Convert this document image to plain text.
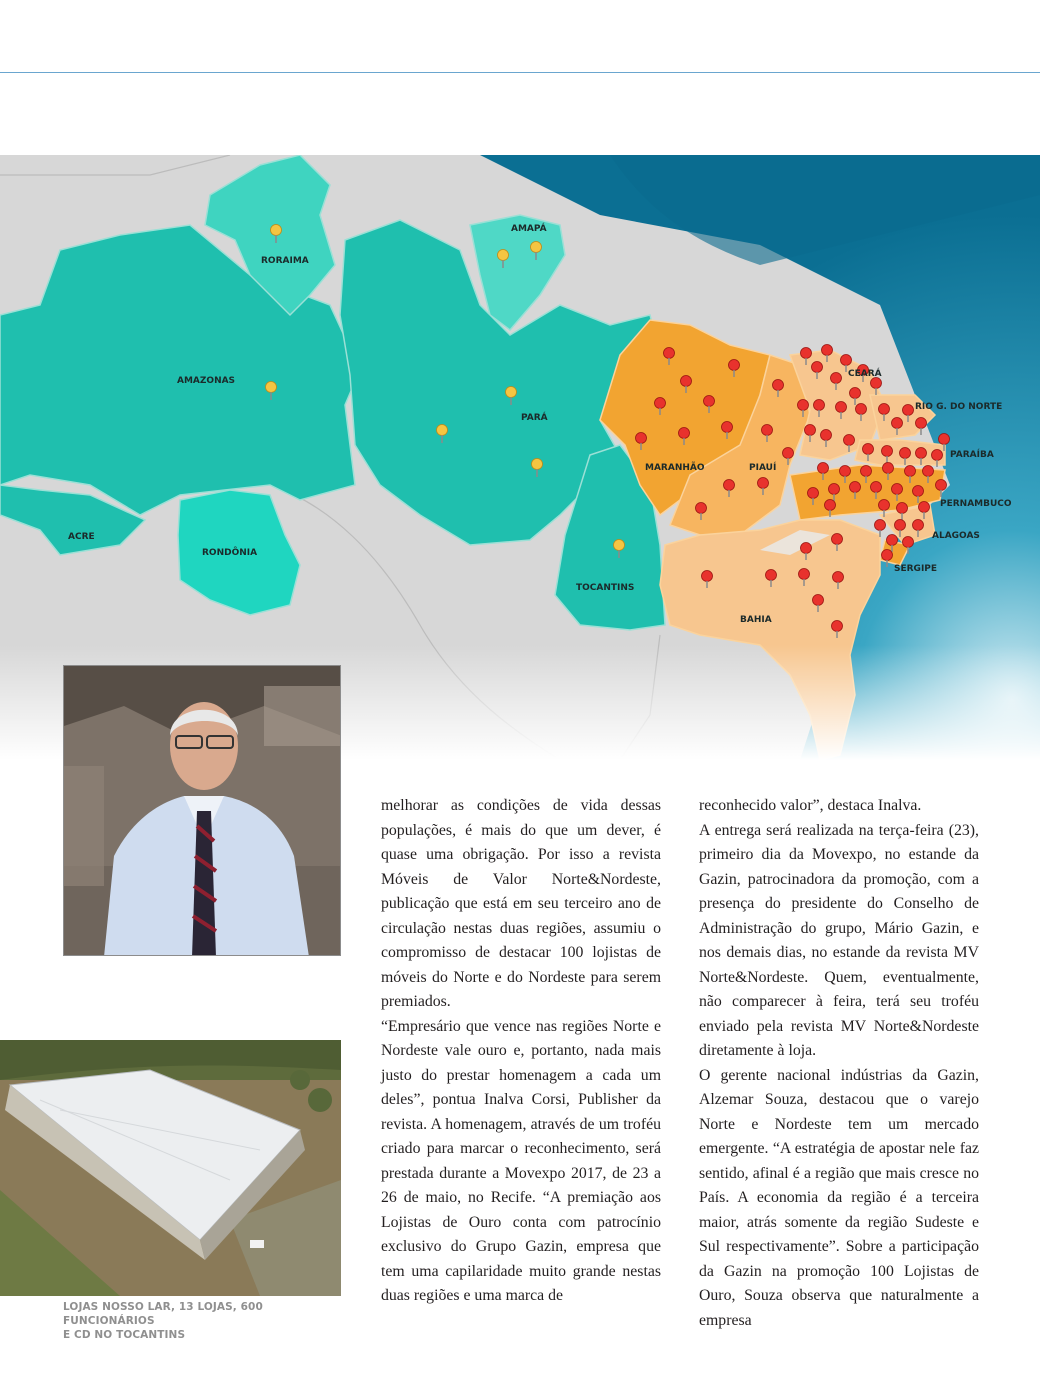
RORAIMA
AMAPÁ
AMAZONAS
PARÁ
ACRE
RONDÔNIA
TOCANTINS
MARANHÃO	PIAUÍ
CEARÁ
RIO G. DO NORTE
PARAÍBA
PERNAMBUCO
ALAGOAS
SERGIPE
BAHIA
LOJAS NOSSO LAR, 13 LOJAS, 600 FUNCIONÁRIOS
E CD NO TOCANTINS

melhorar as condições de vida dessas populações, é mais do que um dever, é quase uma obrigação. Por isso a revista Móveis de Valor Norte&Nordeste, publicação que está em seu terceiro ano de circulação nestas duas regiões, assumiu o compromisso de destacar 100 lojistas de móveis do Norte e do Nordeste para serem premiados.

“Empresário que vence nas regiões Norte e Nordeste vale ouro e, portanto, nada mais justo do prestar homenagem a cada um deles”, pontua Inalva Corsi, Publisher da revista. A homenagem, através de um troféu criado para marcar o reconhecimento, será prestada durante a Movexpo 2017, de 23 a 26 de maio, no Recife. “A premiação aos Lojistas de Ouro conta com patrocínio exclusivo do Grupo Gazin, empresa que tem uma capilaridade muito grande nestas duas regiões e uma marca de

reconhecido valor”, destaca Inalva.

A entrega será realizada na terça-feira (23), primeiro dia da Movexpo, no estande da Gazin, patrocinadora da promoção, com a presença do presidente do Conselho de Administração do grupo, Mário Gazin, e nos demais dias, no estande da revista MV Norte&Nordeste. Quem, eventualmente, não comparecer à feira, terá seu troféu enviado pela revista MV Norte&Nordeste diretamente à loja.

O gerente nacional indústrias da Gazin, Alzemar Souza, destacou que o varejo Norte e Nordeste tem um mercado emergente. “A estratégia de apostar nele faz sentido, afinal é a região que mais cresce no País. A economia da região é a terceira maior, atrás somente da região Sudeste e Sul respectivamente”. Sobre a participação da Gazin na promoção 100 Lojistas de Ouro, Souza observa que naturalmente a empresa
